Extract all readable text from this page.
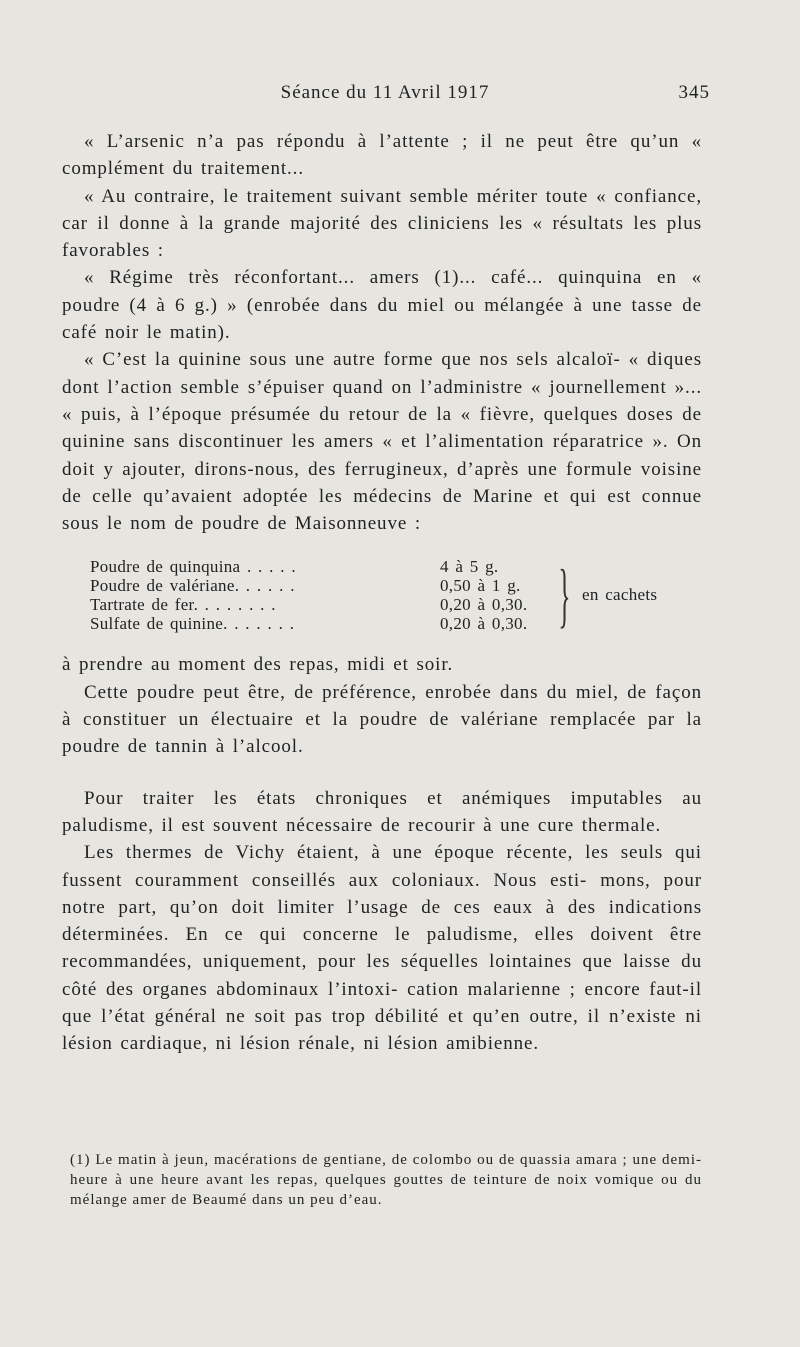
Séance du 11 Avril 1917	345

« L’arsenic n’a pas répondu à l’attente ; il ne peut être qu’un « complément du traitement...

« Au contraire, le traitement suivant semble mériter toute « confiance, car il donne à la grande majorité des cliniciens les « résultats les plus favorables :

« Régime très réconfortant... amers (1)... café... quinquina en « poudre (4 à 6 g.) » (enrobée dans du miel ou mélangée à une tasse de café noir le matin).

« C’est la quinine sous une autre forme que nos sels alcaloï- « diques dont l’action semble s’épuiser quand on l’administre « journellement »... « puis, à l’époque présumée du retour de la « fièvre, quelques doses de quinine sans discontinuer les amers « et l’alimentation réparatrice ». On doit y ajouter, dirons-nous, des ferrugineux, d’après une formule voisine de celle qu’avaient adoptée les médecins de Marine et qui est connue sous le nom de poudre de Maisonneuve :

Poudre de quinquina . . . . .	4 à 5 g.
Poudre de valériane. . . . . .	0,50 à 1 g.
Tartrate de fer. . . . . . . .	0,20 à 0,30.
Sulfate de quinine. . . . . . .	0,20 à 0,30. } en cachets

à prendre au moment des repas, midi et soir.

Cette poudre peut être, de préférence, enrobée dans du miel, de façon à constituer un électuaire et la poudre de valériane remplacée par la poudre de tannin à l’alcool.

Pour traiter les états chroniques et anémiques imputables au paludisme, il est souvent nécessaire de recourir à une cure thermale.

Les thermes de Vichy étaient, à une époque récente, les seuls qui fussent couramment conseillés aux coloniaux. Nous esti- mons, pour notre part, qu’on doit limiter l’usage de ces eaux à des indications déterminées. En ce qui concerne le paludisme, elles doivent être recommandées, uniquement, pour les séquelles lointaines que laisse du côté des organes abdominaux l’intoxi- cation malarienne ; encore faut-il que l’état général ne soit pas trop débilité et qu’en outre, il n’existe ni lésion cardiaque, ni lésion rénale, ni lésion amibienne.

(1) Le matin à jeun, macérations de gentiane, de colombo ou de quassia amara ; une demi-heure à une heure avant les repas, quelques gouttes de teinture de noix vomique ou du mélange amer de Beaumé dans un peu d’eau.
